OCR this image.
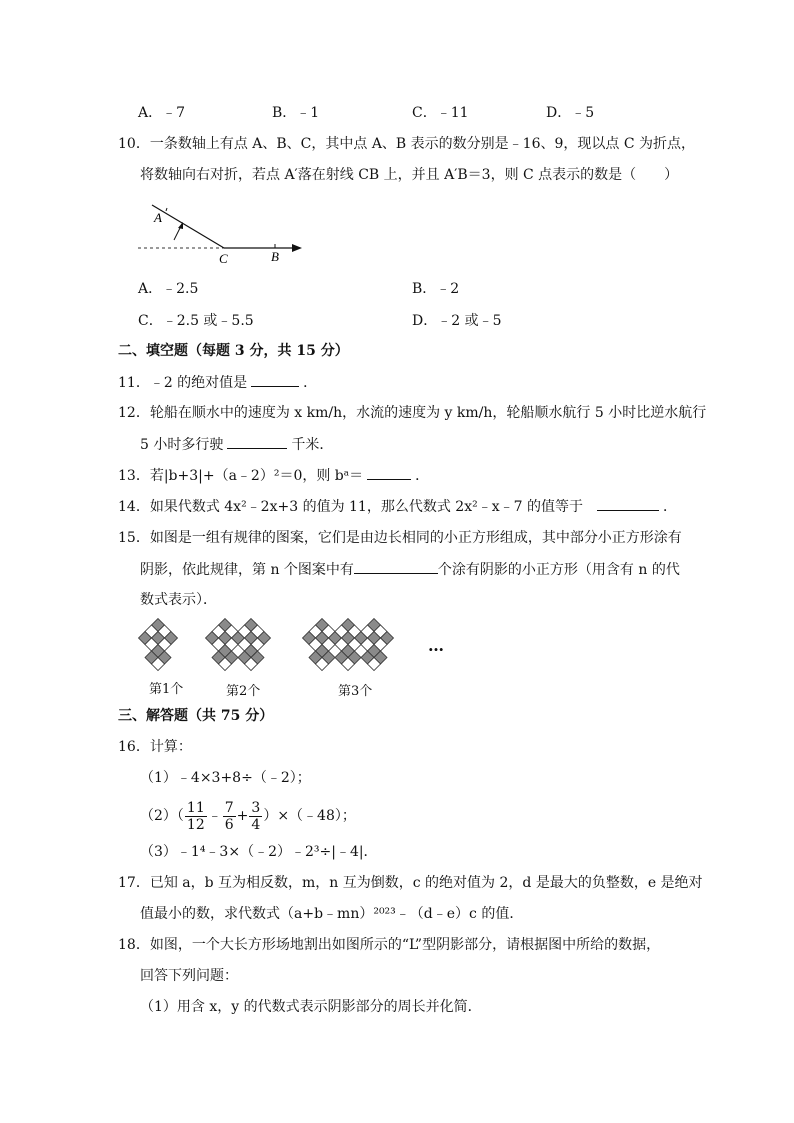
A．﹣7	B．﹣1	C．﹣11	D．﹣5
10．一条数轴上有点 A、B、C，其中点 A、B 表示的数分别是﹣16、9，现以点 C 为折点，
将数轴向右对折，若点 A′落在射线 CB 上，并且 A′B＝3，则 C 点表示的数是（　　）
A
C	B
A．﹣2.5	B．﹣2
C．﹣2.5 或﹣5.5	D．﹣2 或﹣5
二、填空题（每题 3 分，共 15 分）
11．﹣2 的绝对值是	．
12．轮船在顺水中的速度为 x km/h，水流的速度为 y km/h，轮船顺水航行 5 小时比逆水航行
5 小时多行驶	千米．
13．若|b+3|+（a﹣2）²＝0，则 bᵃ＝	．
14．如果代数式 4x²﹣2x+3 的值为 11，那么代数式 2x²﹣x﹣7 的值等于	．
15．如图是一组有规律的图案，它们是由边长相同的小正方形组成，其中部分小正方形涂有
阴影，依此规律，第 n 个图案中有	个涂有阴影的小正方形（用含有 n 的代
数式表示）．
…
第1个	第2个	第3个
三、解答题（共 75 分）
16．计算：
（1）﹣4×3+8÷（﹣2）；
$(2)( \frac{11}{12}$ ﹣ $\frac{7}{6} + \frac{3}{4}$ ）×（﹣48）；
（3）﹣1⁴﹣3×（﹣2）﹣2³÷|﹣4|．
17．已知 a，b 互为相反数，m，n 互为倒数，c 的绝对值为 2，d 是最大的负整数，e 是绝对
值最小的数，求代数式（a+b﹣mn）²⁰²³﹣（d﹣e）c 的值．
18．如图，一个大长方形场地割出如图所示的“L”型阴影部分，请根据图中所给的数据，
回答下列问题：
（1）用含 x，y 的代数式表示阴影部分的周长并化简．
